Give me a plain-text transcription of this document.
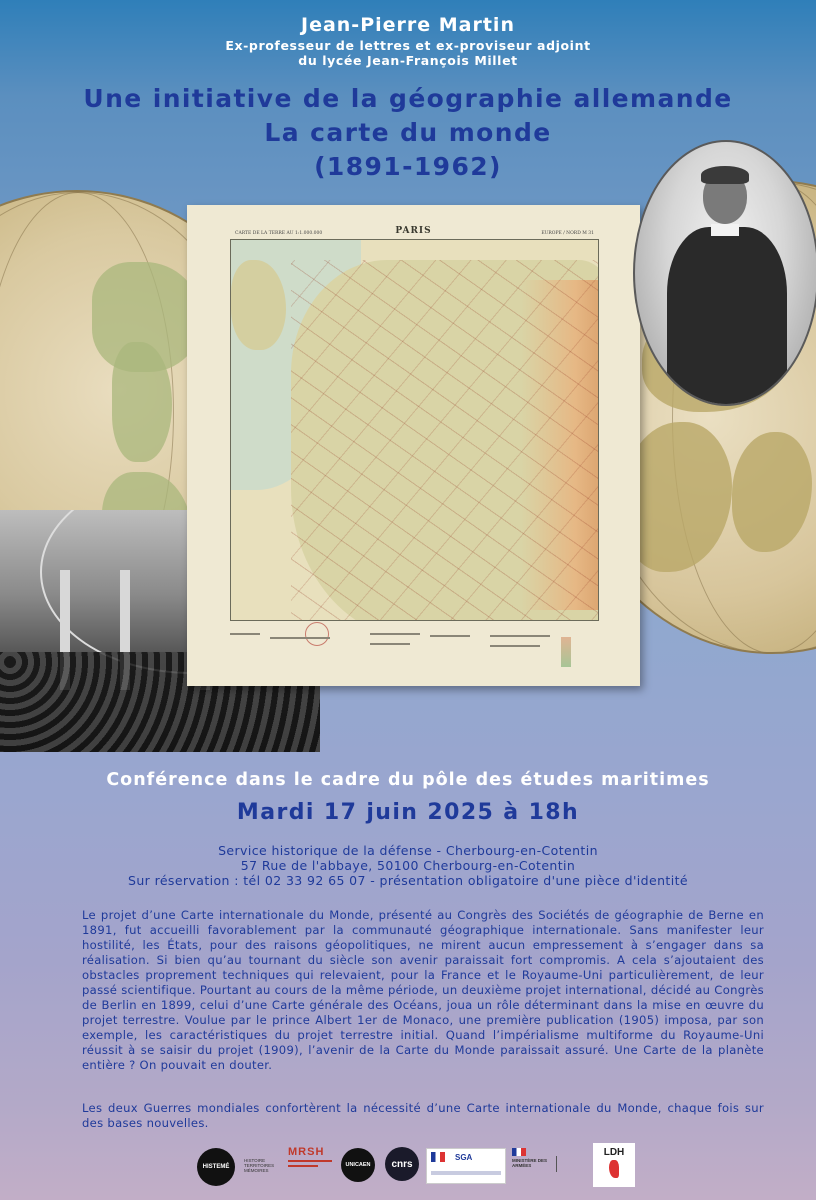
Jean-Pierre Martin
Ex-professeur de lettres et ex-proviseur adjoint
du lycée Jean-François Millet
Une initiative de la géographie allemande
La carte du monde
(1891-1962)
PARIS
CARTE DE LA TERRE AU 1:1.000.000	EUROPE / NORD M 31
Conférence dans le cadre du pôle des études maritimes
Mardi 17 juin 2025 à 18h
Service historique de la défense - Cherbourg-en-Cotentin
57 Rue de l'abbaye, 50100 Cherbourg-en-Cotentin
Sur réservation : tél 02 33 92 65 07 - présentation obligatoire d'une pièce d'identité
Le projet d’une Carte internationale du Monde, présenté au Congrès des Sociétés de géographie de Berne en 1891, fut accueilli favorablement par la communauté géographique internationale. Sans manifester leur hostilité, les États, pour des raisons géopolitiques, ne mirent aucun empressement à s’engager dans sa réalisation. Si bien qu’au tournant du siècle son avenir paraissait fort compromis. A cela s’ajoutaient des obstacles proprement techniques qui relevaient, pour la France et le Royaume-Uni particulièrement, de leur passé scientifique. Pourtant au cours de la même période, un deuxième projet international, décidé au Congrès de Berlin en 1899, celui d’une Carte générale des Océans, joua un rôle déterminant dans la mise en œuvre du projet terrestre. Voulue par le prince Albert 1er de Monaco, une première publication (1905) imposa, par son exemple, les caractéristiques du projet terrestre initial. Quand l’impérialisme multiforme du Royaume-Uni réussit à se saisir du projet (1909), l’avenir de la Carte du Monde paraissait assuré. Une Carte de la planète entière ? On pouvait en douter.
Les deux Guerres mondiales confortèrent la nécessité d’une Carte internationale du Monde, chaque fois sur des bases nouvelles.
HISTEMÉ
HISTOIRE TERRITOIRES MÉMOIRES
MRSH
UNICAEN	cnrs
SGA	MINISTÈRE DES ARMÉES
LDH
